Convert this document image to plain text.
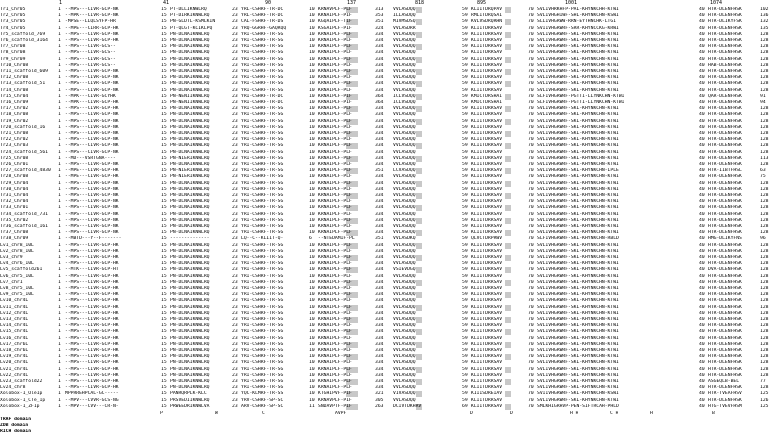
1	41	90	137	818	895	1001	1074
Tr1_Chr05	1 --MPS---CIVR-GCP-NK	15 PT-DLLIKNWLRQ	23 YRL-CSHRF-TR-DC	10 KRNAVPLF-PLF	313	VVLASDQQ	59 KLIITDRQPAV	70 SVLIVHRKHFP-PAL-KHYNKCHH-KTWI	40 HTR-DLENFHSK	102
Tr2_Chr05	1 --MPK---CIVR-GCP-NK	15 PT-DIRKIKNWLRQ	23 YRL-CSHRF-TR-DC	10 KKNAIPLF-PIF	353	ILLASDQQ	59 RMLITDRQSAI	70 SVLIVHGHIWF-SHL-KHYNKCHN-KSWI	40 HTR-DLENFHSK	136
Tr3_Chr05	1 -MPSE--LLQLSYFP-HR	15 PN-GLDTL-KSMLKIN	23 CAL-FSHRF-TR-DS	10 KGQAIPLF-TIF	351	MIVMSDSQ	59 KVLVSDRQRHN	70 SLLIVHGRWW-RRN-EYTHNCHK-LTGI	40 HTR-DLIKYFSK	132
Tr4_Chr05	1 --MPE---CIRR-GCP-HK	15 PT-QLGT-KCIKLPQ	23 YRQ-GGRHF-GAQRQQ	10 KSGAIPLF-PIF	324	VVLASDRR	59 KLIITDRRSAV	70 SVIIVHGRWRF-SRR-KHYNCCKG-KRWI	40 HTR-DLENFHSK	135
Tr5_scaffold_769	1 --MPS---CIVR-GCP-NK	15 PN-DLNAIKNWLRQ	23 YRI-CSHRF-TR-SG	10 KRNAIPLF-PLF	334	VVLASDQQ	59 KLIITDRRSAV	70 SVLIVHGRWRF-SKL-KHYNKCHN-KTWI	40 HTR-DLENFHSK	128
Tr6_scaffold_3164	1 --MPS---CIVR-GCP-HK	15 PN-DLNAIKNWLRQ	23 YRI-CSHRF-TR-SG	10 KRNAIPLF-PLF	334	VVLASDQQ	59 KLIITDRRSAV	70 SVLIVHGRWRF-SKL-KHYNKCHN-KTWI	40 HTR-DLENFHSK	128
Tr7_Chr08	1 --MPS---CIVR-GCS--	15 PN-DLNAIKNWLRQ	23 YRI-CSHRF-TR-SG	10 KRNAIPLF-PLF	334	VVLASDQQ	59 KLIITDRRSAV	70 SVLIVHGRWRF-SKL-KHYNKCHN-KTWI	40 HTR-DLENFHSK	128
Tr8_Chr08	1 --MPS---CIVR-GCS--	15 PN-DLNAIKNWLRQ	23 YRI-CSHRF-TR-SG	10 KRNAIPLF-PLF	334	VVLASDQQ	59 KLIITDRRSAV	70 SVLIVHGRWRF-SKL-KHYNKCHN-KTWI	40 HTR-DLENFHSK	128
Tr9_Chr09	1 --MPS---CIVR-GCS--	15 PN-DLNAIKNWLRQ	23 YRI-CSHRF-TR-SG	10 KRNAIPLF-PLF	334	VVLASDQQ	59 KLIITDRRSAV	70 SVLIVHGRWRF-SKL-KHYNKCHN-KTWI	40 HTR-DLENFHSK	128
Tr10_Chr08	1 --MPS---CIVR-GCS--	15 PN-DLNAIKNWLRQ	23 YRI-CSHRF-TR-SG	10 KRNAIPLF-PLF	334	VVLASDQQ	59 KLIITDRRSAV	70 SVLIVHGRWRF-SKL-KHYNKCHN-KTWI	40 HAB-DLENFHSK	128
Tr11_scaffold_609	1 --MPS---CIVR-GCP-NK	15 PN-DLNAIKNWLRQ	23 YRI-CSHRF-TR-SG	10 KRNAIPLF-PLF	334	VVLASDQQ	59 KLIITDRRSAV	70 SVLIVHGRWRF-SKL-KHYNKCHN-KTWI	40 HTR-DLENFHSK	128
Tr12_Chr08	1 --MPS---CIVR-GCP-NK	15 PN-DLNAIKNWLRQ	23 YRI-CSHRF-TR-SG	10 KRNAIPLF-PLF	334	VVLASDQQ	59 KLIITDRRSAV	70 SVLIVHGRWRF-SKL-KHYNKCHN-KTWI	40 HTR-DLENFHSK	128
Tr13_scaffold_51	1 --MPS---CIVR-GCP-NK	15 PN-DLNAIKNWLRQ	23 YRI-CSHRF-TR-SG	10 KRNAIPLF-PLF	334	VVLASDQQ	59 KLIITDRRSAV	70 SVLIVHGRWRF-SKL-KHYNKCHN-KTWI	40 HTR-DLENFHSK	128
Tr14_Chr08	1 --MPS---CIVR-GCP-NK	15 PN-DLNAIKNWLRQ	23 YRI-CSHRF-TR-SG	10 KRNAIPLF-PLF	334	VVLASDQQ	59 KLIITDRRSAV	70 SVLIVHGRWRF-SKL-KHYNKCHN-KTWI	40 HTR-DLENFHSK	128
Tr15_Chr04	1 --MPK---CIVR-GCYHK	15 PN-NENIIKNWLRQ	23 YRI-CSHRF-TR-DC	10 KRNAIPLF-PIF	364	ICLVSDQQ	59 KMICTDRSHAI	70 SLFIVHGRWRF-PGTTI-LLYNKCHN-KTWI	40 QAR-DLENFHSK	91
Tr16_Chr09	1 --MPK---CIVR-GCP-HK	15 PN-NENIIKNWLRQ	23 YRI-CSHRF-TR-DC	10 KRNAIPLF-PIF	364	ICLVSDQQ	59 KMICTDRSHAI	70 SLFIVHGRWRF-PGTTI-LLYNKCHN-KTWI	40 HTR-DLENFHSK	94
Tr17_Chr02	1 --MPS---CIVR-GCP-HK	15 PN-DLNAIKNWLRQ	23 YRI-CSHRF-TR-SG	10 KRNAIPLF-PLF	334	VVLASDQQ	59 KLIITDRRSAV	70 SVLIVHGRWRF-SKL-KHYNKCHN-KTWI	40 HTR-DLENFHSK	128
Tr18_Chr08	1 --MPS---CIVR-GCP-NK	15 PN-DLNAIKNWLRQ	23 YRI-CSHRF-TR-SG	10 KRNAIPLF-PLF	334	VVLASDQQ	59 KLIITDRRSAV	70 SVLIVHGRWRF-SKL-KHYNKCHN-KTWI	40 HTR-DLENFHSK	128
Tr19_Chr02	1 --MPS---CIVR-GCP-NK	15 PN-DLNAIKNWLRQ	23 YRI-CSHRF-TR-SG	10 KRNAIPLF-PLF	334	VVLASDQQ	59 KLIITDRRSAV	70 SVLIVHGRWRF-SKL-KHYNKCHN-KTWI	40 HTR-DLENFHSK	128
Tr20_scaffold_16	1 --MPS---CIVR-GCP-NK	15 PN-DLNAIKNWLRQ	23 YRI-CSHRF-TR-SG	10 KRNAIPLF-PLF	334	VVLASDQQ	59 KLIITDRRSAV	70 SVLIVHGRWRF-SKL-KHYNKCHN-KTWI	40 HTR-DLENFHSK	128
Tr21_Chr08	1 --MPS---CIVR-GCP-NK	15 PN-DLNAIKNWLRQ	23 YRI-CSHRF-TR-SG	10 KRNAIPLF-PLF	334	VVLASDQQ	59 KLIITDRRSAV	70 SVLIVHGRWRF-SKL-KHYNKCHN-KTWI	40 HTR-DLENFHSK	128
Tr22_Chr02	1 --MPS---CIVR-GCP-NK	15 PN-DLNAIKNWLRQ	23 YRI-CSHRF-TR-SG	10 KRNAIPLF-PLF	334	VVLASDQQ	59 KLIITDRRSAV	70 SVLIVHGRWRF-SKL-KHYNKCHN-KTWI	40 HTR-DLENFHSK	128
Tr23_Chr03	1 --MPS---CIVR-GCP-NK	15 PN-DLNAIKNWLRQ	23 YRI-CSHRF-TR-SG	10 KRNAIPLF-PLF	334	VVLASDQQ	59 KLIITDRRSAV	70 SVLIVHGRWRF-SKL-KHYNKCHN-KTWI	40 HTR-DLENFHSK	128
Tr24_scaffold_561	1 --MPS---CIVR-GCP-NK	15 PN-DLNAIKNWLRQ	23 YRI-CSHRF-TR-SG	10 KRNAIPLF-PLF	334	VVLASDQQ	59 KLIITDRRSAV	70 SVLIVHGRWRF-SKL-KHYNKCHN-KTWI	40 HTR-DLENFHSK	128
Tr25_Chr08	1 --MD---VSRTGNA----	15 PN-NIERIKNWLRQ	23 YRI-CSHRF-TR-SG	10 KRNAIPLF-PLF	334	VVLASDQQ	59 KLIITDRRSAV	70 SVLIVHGRWRF-SKL-KHYNKCHN-KTWI	40 HTR-DLENFHSK	113
Tr26_Chr01	1 --MPS---CIVR-GCP-NK	15 PN-DLNAIKNWLRQ	23 YRI-CSHRF-TR-SG	10 KRNAIPLF-PLF	334	VVLASDQQ	59 KLIITDRRSAV	70 SVLIVHGRWRF-SKL-KHYNKCHN-KTWI	40 HTR-DLENFHSK	128
Tr27_scaffold_4830	1 --MPE---CIVR-GCP-HK	15 PN-NIERIKNWLRQ	23 YRI-CSHRF-TR-SG	10 KRNAIPLF-PLF	351	LCVASDQQ	59 KLIITDRRSAV	70 SVLIVHGRWRF-SKL-KHYNKCHN-LPLE	40 HTR-IIBTFHSL	63
Tr28_Chr08	1 --MPE---CIVR-GCP-HK	15 PN-NIERIKNWLRQ	23 YRI-CSHRF-TR-SG	10 KRNAIPLF-PLF	334	VVLASDQQ	59 KLIITDRRSAV	70 SVLIVHGRWRF-SKL-KHYNKCHN-KTWI	40 HTR-DLENFHSK	75
Tr29_Chr04	1 --MPS---CIVR-GCP-NK	15 PN-DLNAIKNWLRQ	23 YRI-CSHRF-TR-SG	10 KRNAIPLF-PLF	334	VVLASDQQ	59 KLIITDRRSAV	70 SVLIVHGRWRF-SKL-KHYNKCHN-KTWI	40 HTR-DLENFHSK	128
Tr30_Chr04	1 --MPS---CIVR-GCP-NK	15 PN-DLNAIKNWLRQ	23 YRI-CSHRF-TR-SG	10 KRNAIPLF-PLF	334	VVLASDQQ	59 KLIITDRRSAV	70 SVLIVHGRWRF-SKL-KHYNKCHN-KTWI	40 HTR-DLENFHSK	128
Tr31_Chr04	1 --MPS---CIVR-GCP-NK	15 PN-DLNAIKNWLRQ	23 YRI-CSHRF-TR-SG	10 KRNAIPLF-PLF	334	VVLASDQQ	59 KLIITDRRSAV	70 SVLIVHGRWRF-SKL-KHYNKCHN-KTWI	40 HTR-DLENFHSK	128
Tr32_Chr04	1 --MPS---CIVR-GCP-NK	15 PN-DLNAIKNWLRQ	23 YRI-CSHRF-TR-SG	10 KRNAIPLF-PLF	334	VVLASDQQ	59 KLIITDRRSAV	70 SVLIVHGRWRF-SKL-KHYNKCHN-KTWI	40 HTR-DLENFHSK	128
Tr33_Chr01	1 --MPS---CIVR-GCP-NK	15 PN-DLNAIKNWLRQ	23 YRI-CSHRF-TR-SG	10 KRNAIPLF-PLF	334	VVLASDQQ	59 KLIITDRRSAV	70 SVLIVHGRWRF-SKL-KHYNKCHN-KTWI	40 HTR-DLENFHSK	128
Tr34_scaffold_731	1 --MPS---CIVR-GCP-NK	15 PN-DLNAIKNWLRQ	23 YRI-CSHRF-TR-SG	10 KRNAIPLF-PLF	334	VVLASDQQ	59 KLIITDRRSAV	70 SVLIVHGRWRF-SKL-KHYNKCHN-KTWI	40 HTR-DLENFHSK	128
Tr35_Chr02	1 --MPS---CIVR-GCP-NK	15 PN-DLNAIKNWLRQ	23 YRI-CSHRF-TR-SG	10 KRNAIPLF-PLF	334	VVLASDQQ	59 KLIITDRRSAV	70 SVLIVHGRWRF-SKL-KHYNKCHN-KTWI	40 HTR-DLENFHSK	128
Tr36_scaffold_161	1 --MPS---CIVR-GCP-NK	15 PN-DLNAIKNWLRQ	23 YRI-CSHRF-TR-SG	10 KRNAIPLF-PLF	334	VVLASDQQ	59 KLIITDRRSAV	70 SVLIVHGRWRF-SKL-KHYNKCHN-KTWI	40 HTR-DLENFHSK	128
Tr37_Chr08	1 --MPS---CIVR-GCP-NK	15 PN-DLNAIKNWLRQ	23 YRI-CSHRF-TR-SG	10 KRNAIPLF-PLF	334	VVLASDQQ	59 KLIITDRRSAV	70 SVLIVHGRWRF-SKL-KHYNKCHN-KTWI	40 HTR-DLENFHSK	128
Tr38_Chr09	1 --MBTD---Y--F-------	15 --------------	23 LQ--C--KLIIT-Q-	6	--NTEDAMIF-PL	351	VVLASDKQ	59 QLVCTDRPRWV	70 SLFIVHGRWRF-SKL-KHYNKCHN-RBLD	40 HMG-DLIKYFNS	96
Lv1_chr8_10L	1 --MPS---CIVR-GCP-HK	15 PN-DLNAIKNWLRQ	23 YRI-CSHRF-TR-SG	10 KRNAIPLF-PLF	334	VVLASDQQ	59 KLIITDRRSAV	70 SVLIVHGRWRF-SKL-KHYNKCHN-KTWI	40 HTR-DLENFHSK	128
Lv2_chr8_10L	1 --MPS---CIVR-GCP-HK	15 PN-DLNAIKNWLRQ	23 YRI-CSHRF-TR-SG	10 KRNAIPLF-PLF	334	VVLASDQQ	59 KLIITDRRSAV	70 SVLIVHGRWRF-SKL-KHYNKCHN-KTWI	40 HTR-DLENFHSK	128
Lv3_chr9	1 --MPS---CIVR-GCP-HK	15 PN-DLNAIKNWLRQ	23 YRI-CSHRF-TR-SG	10 KRNAIPLF-PLF	334	VVLASDQQ	59 KLIITDRRSAV	70 SVLIVHGRWRF-SKL-KHYNKCHN-KTWI	40 HTR-DLENFHSK	128
Lv4_chr6_10L	1 --MPS---CIVR-GCP-HK	15 PN-DLNAIKNWLRQ	23 YRI-CSHRF-TR-SG	10 KRNAIPLF-PLF	334	VVLASDQQ	59 KLIITDRRSAV	70 SVLIVHGRWRF-SKL-KHYNKCHN-KTWI	40 HTR-DLENFHSK	128
Lv5_scaffold261	1 --MTK---CIVR-GCP-HT	15 PN-DLNAIKNWLRQ	23 YRI-CSHRF-TR-SG	10 KRNAIPLF-PLF	334	VSIEVDGQ	59 KLIITDRRSAV	70 SVLIVHGRWRF-SKL-KHYNKCHN-KTWI	40 DVA-DLENFHSK	128
Lv6_chr5_10L	1 --MPS---CIVR-GCP-HK	15 PN-DLNAIKNWLRQ	23 YRI-CSHRF-TR-SG	10 KRNAIPLF-PLF	334	VVLASDQQ	59 KLIITDRRSAV	70 SVLIVHGRWRF-SKL-KHYNKCHN-KTWI	40 HTR-DLENFHSK	128
Lv7_chr1	1 --MPS---CIVR-GCP-HK	15 PN-DLNAIKNWLRQ	23 YRI-CSHRF-TR-SG	10 KRNAIPLF-PLF	334	VVLASDQQ	59 KLIITDRRSAV	70 SVLIVHGRWRF-SKL-KHYNKCHN-KTWI	40 HTR-DLENFHSK	128
Lv8_chr5_10L	1 --MPS---CIVR-GCP-HK	15 PN-DLNAIKNWLRQ	23 YRI-CSHRF-TR-SG	10 KRNAIPLF-PLF	334	VVLASDQQ	59 KLIITDRRSAV	70 SVLIVHGRWRF-SKL-KHYNKCHN-KTWI	40 HTR-DLENFHSK	128
Lv9_chr5_10L	1 --MPS---CIVR-GCP-HK	15 PN-DLNAIKNWLRQ	23 YRI-CSHRF-TR-SG	10 KRNAIPLF-PLF	334	VVLASDQQ	59 KLIITDRRSAV	70 SVLIVHGRWRF-SKL-KHYNKCHN-KTWI	40 HTR-DLENFHSK	128
Lv10_chr4L	1 --MPS---CIVR-GCP-HK	15 PN-DLNAIKNWLRQ	23 YRI-CSHRF-TR-SG	10 KRNAIPLF-PLF	334	VVLASDQQ	59 KLIITDRRSAV	70 SVLIVHGRWRF-SKL-KHYNKCHN-KTWI	40 HTR-DLENFHSK	128
Lv11_chr4L	1 --MPS---CIVR-GCP-HK	15 PN-DLNAIKNWLRQ	23 YRI-CSHRF-TR-SG	10 KRNAIPLF-PLF	334	VVLASDQQ	59 KLIITDRRSAV	70 SVLIVHGRWRF-SKL-KHYNKCHN-KTWI	40 HTR-DLENFHSK	128
Lv12_chr4L	1 --MPS---CIVR-GCP-HK	15 PN-DLNAIKNWLRQ	23 YRI-CSHRF-TR-SG	10 KRNAIPLF-PLF	334	VVLASDQQ	59 KLIITDRRSAV	70 SVLIVHGRWRF-SKL-KHYNKCHN-KTWI	40 HTR-DLENFHSK	128
Lv13_chr4L	1 --MPS---CIVR-GCP-HK	15 PN-DLNAIKNWLRQ	23 YRI-CSHRF-TR-SG	10 KRNAIPLF-PLF	334	VVLASDQQ	59 KLIITDRRSAV	70 SVLIVHGRWRF-SKL-KHYNKCHN-KTWI	40 HTR-DLENFHSK	128
Lv14_chr4L	1 --MPS---CIVR-GCP-HK	15 PN-DLNAIKNWLRQ	23 YRI-CSHRF-TR-SG	10 KRNAIPLF-PLF	334	VVLASDQQ	59 KLIITDRRSAV	70 SVLIVHGRWRF-SKL-KHYNKCHN-KTWI	40 HTR-DLENFHSK	128
Lv15_chr4L	1 --MPS---CIVR-GCP-HK	15 PN-DLNAIKNWLRQ	23 YRI-CSHRF-TR-SG	10 KRNAIPLF-PLF	334	VVLASDQQ	59 KLIITDRRSAV	70 SVLIVHGRWRF-SKL-KHYNKCHN-KTWI	40 HTR-DLENFHSK	128
Lv16_chr4L	1 --MPS---CIVR-GCP-HK	15 PN-DLNAIKNWLRQ	23 YRI-CSHRF-TR-SG	10 KRNAIPLF-PLF	334	VVLASDQQ	59 KLIITDRRSAV	70 SVLIVHGRWRF-SKL-KHYNKCHN-KTWI	40 HTR-DLENFHSK	128
Lv17_chr6L	1 --MPS---CIVR-GCP-HK	15 PN-DLNAIKNWLRQ	23 YRI-CSHRF-TR-SG	10 KRNAIPLF-PLF	334	VVLASDQQ	59 KLIITDRRSAV	70 SVLIVHGRWRF-SKL-KHYNKCHN-KTWI	40 HTR-DLENFHSK	128
Lv18_chr6L	1 --MPS---CIVR-GCP-HK	15 PN-DLNAIKNWLRQ	23 YRI-CSHRF-TR-SG	10 KRNAIPLF-PLF	334	VVLASDQQ	59 KLIITDRRSAV	70 SVLIVHGRWRF-SKL-KHYNKCHN-KTWI	40 HTR-DLENFHSK	128
Lv19_chr4L	1 --MPS---CIVR-GCP-HK	15 PN-DLNAIKNWLRQ	23 YRI-CSHRF-TR-SG	10 KRNAIPLF-PLF	334	VVLASDQQ	59 KLIITDRRSAV	70 SVLIVHGRWRF-SKL-KHYNKCHN-KTWI	40 HTR-DLENFHSK	128
Lv20_chr4L	1 --MPS---CIVR-GCP-HK	15 PN-DLNAIKNWLRQ	23 YRI-CSHRF-TR-SG	10 KRNAIPLF-PLF	334	VVLASDQQ	59 KLIITDRRSAV	70 SVLIVHGRWRF-SKL-KHYNKCHN-KTWI	40 HTR-DLENFHSK	128
Lv21_chr4L	1 --MPS---CIVR-GCP-HK	15 PN-DLNAIKNWLRQ	23 YRI-CSHRF-TR-SG	10 KRNAIPLF-PLF	334	VVLASDQQ	59 KLIITDRRSAV	70 SVLIVHGRWRF-SKL-KHYNKCHN-KTWI	40 HTR-DLENFHSK	128
Lv22_chr4L	1 --MPS---CIVR-GCP-HK	15 PN-DLNAIKNWLRQ	23 YRI-CSHRF-TR-SG	10 KRNAIPLF-PLF	334	VVLASDQQ	59 KLIITDRRSAV	70 SVLIVHGRWRF-SKL-KHYNKCHN-KTWI	40 HTR-DLENFHSK	128
Lv23_scaffold22	1 --MPS---CIVR-GCP-HK	15 PN-DLNAIKNWLRQ	23 YRI-CSHRF-TR-SG	10 KRNAIPLF-PLF	334	VVLASDQQ	59 KLIITDRRSAV	70 SVLIVHGRWRF-SKL-KHYNKCHN-KTWI	40 ASGEQLB-BEL	77
Lv24_chr8	1 --MPS---CIVR-GCP-HK	15 PN-DLNAIKNWLRQ	23 YRI-CSHRF-TR-SG	10 KRNAIPLF-PLF	334	VVLASDQQ	59 KLIITDRRSAV	70 SVLIVHGRWRF-SKL-KHYNKCHN-KTWI	40 HTR-DLENFHSK	128
Xolobox-1_Ole1p	1 MPPRREHPCAL-GC-----	15 PANRQRPLK-KLC	23 YQC-KLMRF-TR-SS	10 KTGHIPVF-PIF	321	VIVASDQQ	59 KIIISDREIAV	70 SVIIVHGRWRF-SKL-KHYNKCHN-KSWI	40 HTR-TVEAFHSV	125
Xolobox-1_CTe_1p	1 --MPV---CVVR-GCS-NG	15 PRSVEDIIKNWLRQ	23 YRV-CSHRF-SP-SC	10 KRNAVPLF-PIF	305	VVLASDQQ	59 KLIITDRRSAV	70 SVLIVHGRWRF-SKL-KHYNKCHN-KTWI	40 HTR-DLENFHSK	126
Xolobox-1_ZF1p	1 --MPV---CVV---CR-N-	15 PRWEEDRIKNWLVA	23 ARV-CSHRF-SP-SC	11 SNDAVPTF-PIF	263	DCIVTDKHRV	69 KLIITDRRSAV	70 SMLKHIGRHVP-PEN-SIFTRCAH-PHLD	40 HTG-TVEVFHSM	125
P	W	C	AVPF	D	D	H H	C H	H	B
TRAF domain
ZDB domain
RICH domain
